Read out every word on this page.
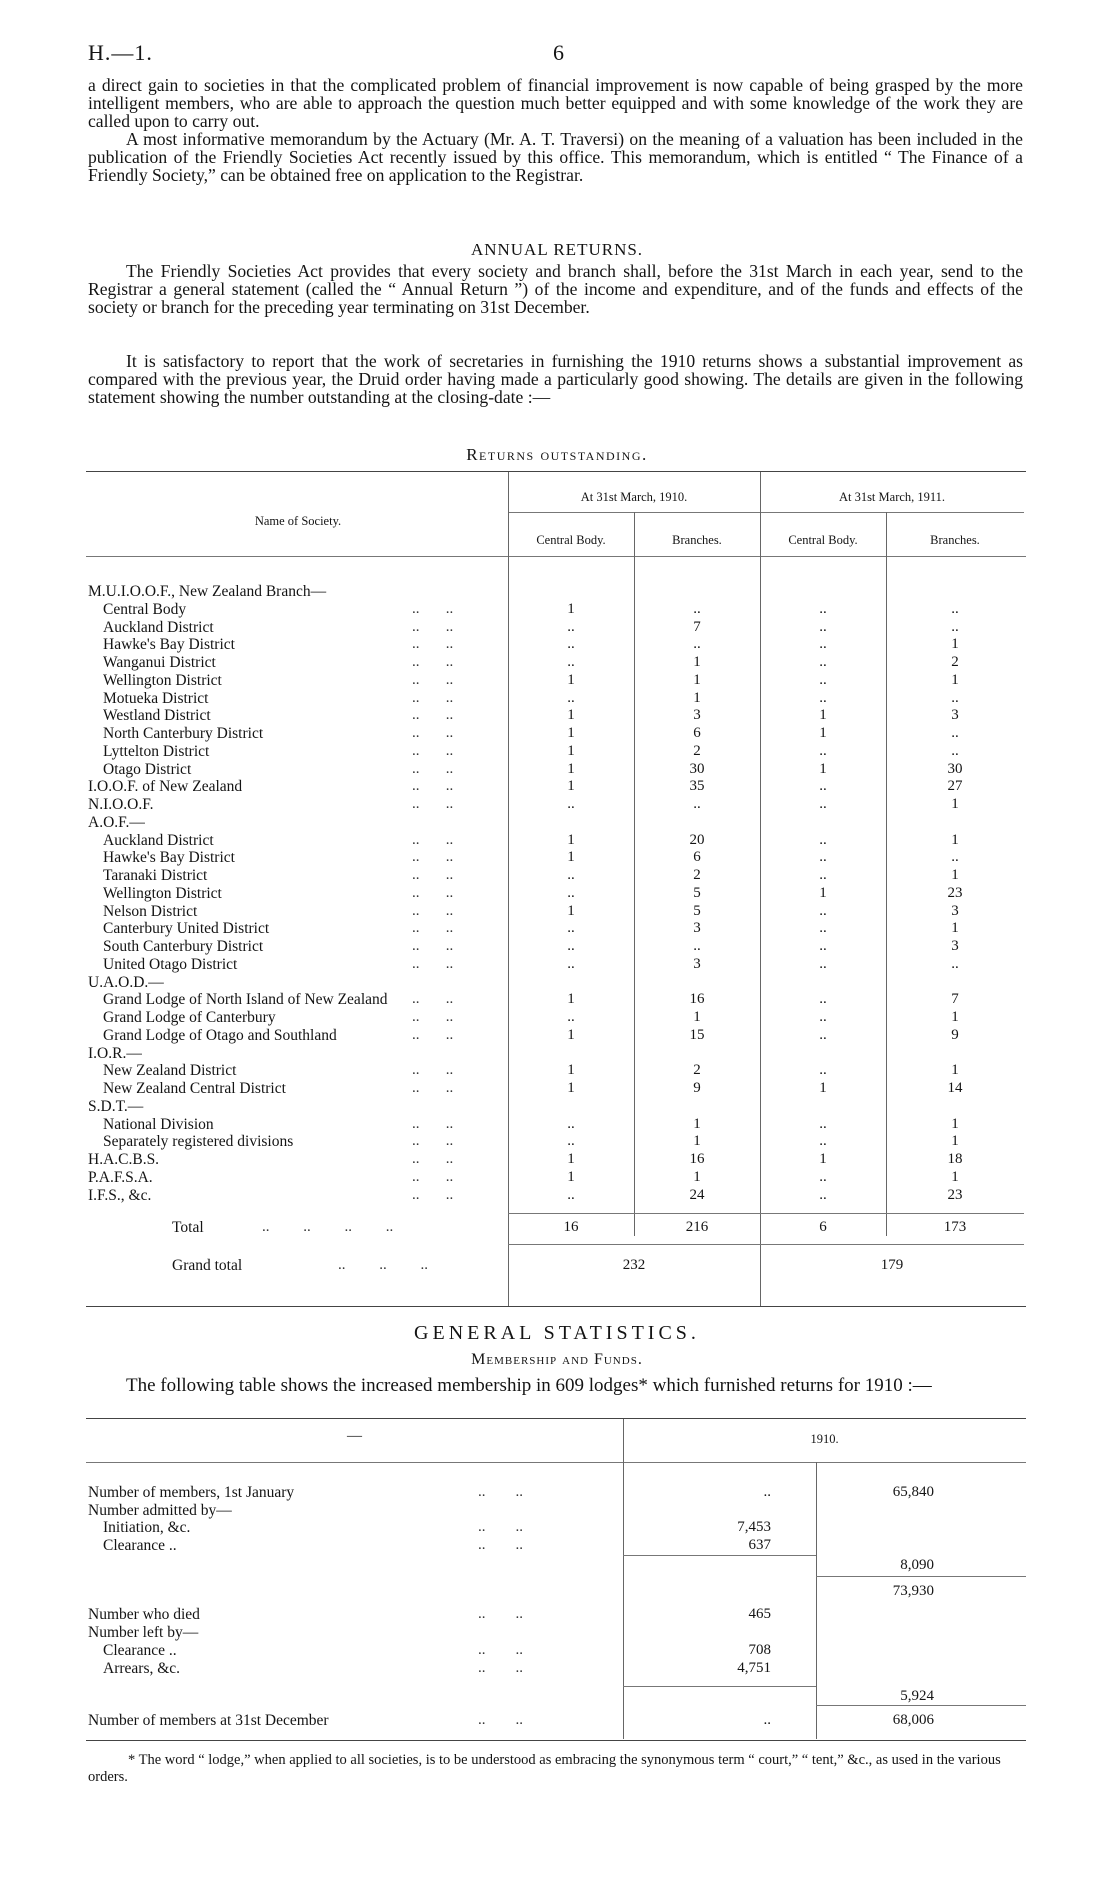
H.—1.	6

a direct gain to societies in that the complicated problem of financial improvement is now capable of being grasped by the more intelligent members, who are able to approach the question much better equipped and with some knowledge of the work they are called upon to carry out.

A most informative memorandum by the Actuary (Mr. A. T. Traversi) on the meaning of a valuation has been included in the publication of the Friendly Societies Act recently issued by this office. This memorandum, which is entitled “ The Finance of a Friendly Society,” can be obtained free on application to the Registrar.

ANNUAL RETURNS.

The Friendly Societies Act provides that every society and branch shall, before the 31st March in each year, send to the Registrar a general statement (called the “ Annual Return ”) of the income and expenditure, and of the funds and effects of the society or branch for the preceding year terminating on 31st December.

It is satisfactory to report that the work of secretaries in furnishing the 1910 returns shows a substantial improvement as compared with the previous year, the Druid order having made a particularly good showing. The details are given in the following statement showing the number outstanding at the closing-date :—

Returns outstanding.
Name of Society.
At 31st March, 1910.	At 31st March, 1911.
Central Body.	Branches.	Central Body.	Branches.
M.U.I.O.O.F., New Zealand Branch—
Central Body	..       ..	1	..	..	..
Auckland District	..       ..	..	7	..	..
Hawke's Bay District	..       ..	..	..	..	1
Wanganui District	..       ..	..	1	..	2
Wellington District	..       ..	1	1	..	1
Motueka District	..       ..	..	1	..	..
Westland District	..       ..	1	3	1	3
North Canterbury District	..       ..	1	6	1	..
Lyttelton District	..       ..	1	2	..	..
Otago District	..       ..	1	30	1	30
I.O.O.F. of New Zealand	..       ..	1	35	..	27
N.I.O.O.F.	..       ..	..	..	..	1
A.O.F.—
Auckland District	..       ..	1	20	..	1
Hawke's Bay District	..       ..	1	6	..	..
Taranaki District	..       ..	..	2	..	1
Wellington District	..       ..	..	5	1	23
Nelson District	..       ..	1	5	..	3
Canterbury United District	..       ..	..	3	..	1
South Canterbury District	..       ..	..	..	..	3
United Otago District	..       ..	..	3	..	..
U.A.O.D.—
Grand Lodge of North Island of New Zealand	..       ..	1	16	..	7
Grand Lodge of Canterbury	..       ..	..	1	..	1
Grand Lodge of Otago and Southland	..       ..	1	15	..	9
I.O.R.—
New Zealand District	..       ..	1	2	..	1
New Zealand Central District	..       ..	1	9	1	14
S.D.T.—
National Division	..       ..	..	1	..	1
Separately registered divisions	..       ..	..	1	..	1
H.A.C.B.S.	..       ..	1	16	1	18
P.A.F.S.A.	..       ..	1	1	..	1
I.F.S., &c.	..       ..	..	24	..	23
Total	..         ..         ..         ..	16	216	6	173
Grand total	..         ..         ..	232	179
GENERAL STATISTICS.
Membership and Funds.

The following table shows the increased membership in 609 lodges* which furnished returns for 1910 :—

—	1910.
Number of members, 1st January	..        ..	..	65,840
Number admitted by—
Initiation, &c.	..        ..	7,453
Clearance ..	..        ..	637
8,090
73,930
Number who died	..        ..	465
Number left by—
Clearance ..	..        ..	708
Arrears, &c.	..        ..	4,751
5,924
Number of members at 31st December	..        ..	..	68,006

* The word “ lodge,” when applied to all societies, is to be understood as embracing the synonymous term “ court,” “ tent,” &c., as used in the various orders.
